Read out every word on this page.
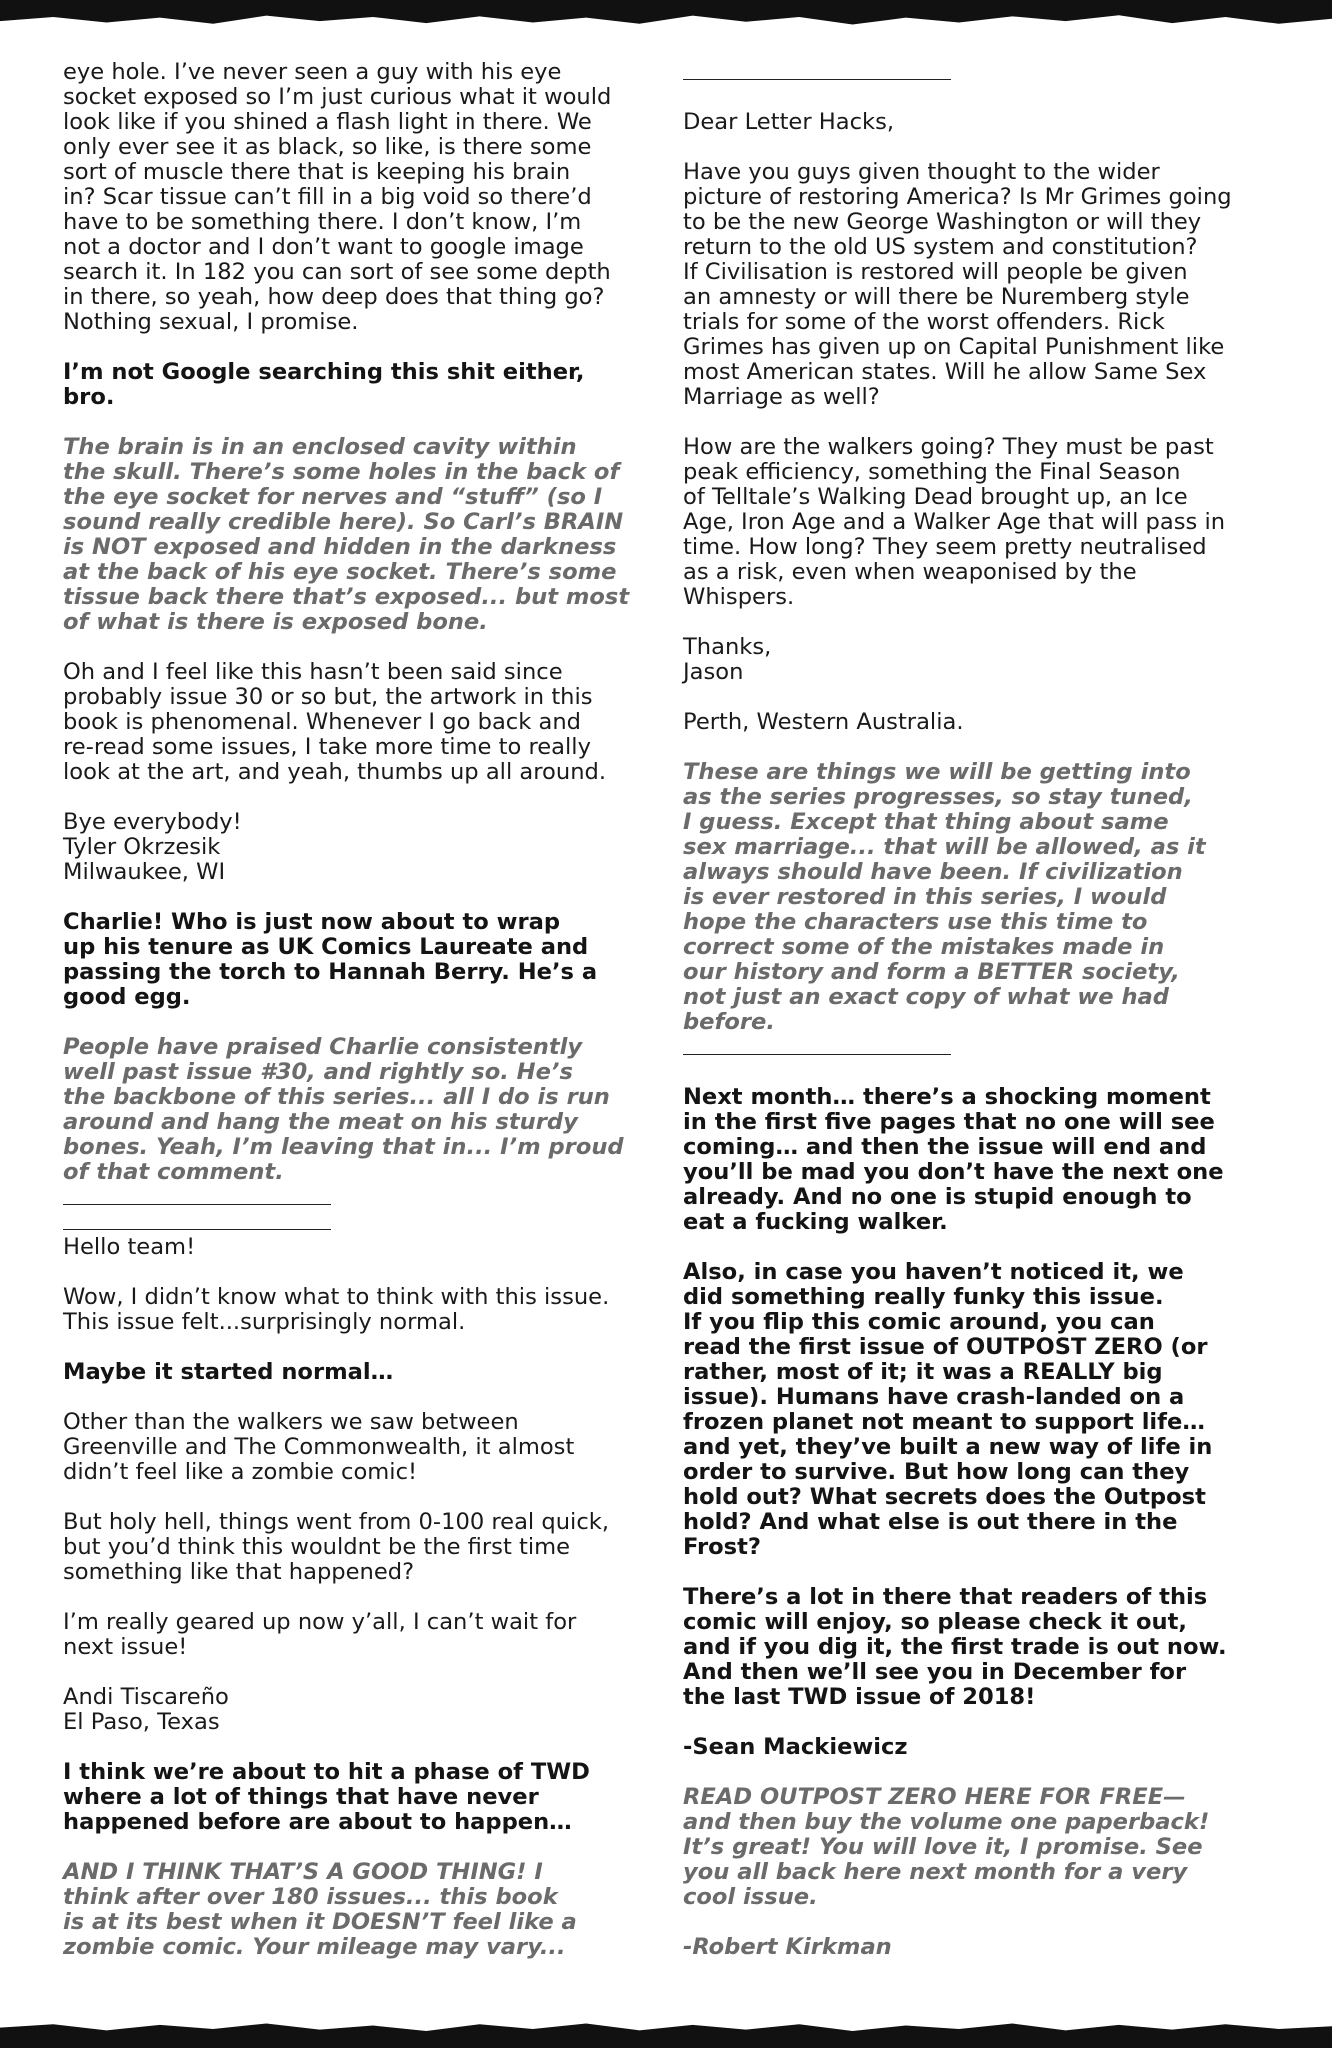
eye hole. I’ve never seen a guy with his eye
socket exposed so I’m just curious what it would
look like if you shined a flash light in there. We
only ever see it as black, so like, is there some
sort of muscle there that is keeping his brain
in? Scar tissue can’t fill in a big void so there’d
have to be something there. I don’t know, I’m
not a doctor and I don’t want to google image
search it. In 182 you can sort of see some depth
in there, so yeah, how deep does that thing go?
Nothing sexual, I promise.

I’m not Google searching this shit either,
bro.

The brain is in an enclosed cavity within
the skull. There’s some holes in the back of
the eye socket for nerves and “stuff” (so I
sound really credible here). So Carl’s BRAIN
is NOT exposed and hidden in the darkness
at the back of his eye socket. There’s some
tissue back there that’s exposed... but most
of what is there is exposed bone.

Oh and I feel like this hasn’t been said since
probably issue 30 or so but, the artwork in this
book is phenomenal. Whenever I go back and
re-read some issues, I take more time to really
look at the art, and yeah, thumbs up all around.

Bye everybody!
Tyler Okrzesik
Milwaukee, WI

Charlie! Who is just now about to wrap
up his tenure as UK Comics Laureate and
passing the torch to Hannah Berry. He’s a
good egg.

People have praised Charlie consistently
well past issue #30, and rightly so. He’s
the backbone of this series... all I do is run
around and hang the meat on his sturdy
bones. Yeah, I’m leaving that in... I’m proud
of that comment.

Hello team!

Wow, I didn’t know what to think with this issue.
This issue felt...surprisingly normal.

Maybe it started normal…

Other than the walkers we saw between
Greenville and The Commonwealth, it almost
didn’t feel like a zombie comic!

But holy hell, things went from 0-100 real quick,
but you’d think this wouldnt be the first time
something like that happened?

I’m really geared up now y’all, I can’t wait for
next issue!

Andi Tiscareño
El Paso, Texas

I think we’re about to hit a phase of TWD
where a lot of things that have never
happened before are about to happen…

AND I THINK THAT’S A GOOD THING! I
think after over 180 issues... this book
is at its best when it DOESN’T feel like a
zombie comic. Your mileage may vary...

Dear Letter Hacks,

Have you guys given thought to the wider
picture of restoring America? Is Mr Grimes going
to be the new George Washington or will they
return to the old US system and constitution?
If Civilisation is restored will people be given
an amnesty or will there be Nuremberg style
trials for some of the worst offenders. Rick
Grimes has given up on Capital Punishment like
most American states. Will he allow Same Sex
Marriage as well?

How are the walkers going? They must be past
peak efficiency, something the Final Season
of Telltale’s Walking Dead brought up, an Ice
Age, Iron Age and a Walker Age that will pass in
time. How long? They seem pretty neutralised
as a risk, even when weaponised by the
Whispers.

Thanks,
Jason

Perth, Western Australia.

These are things we will be getting into
as the series progresses, so stay tuned,
I guess. Except that thing about same
sex marriage... that will be allowed, as it
always should have been. If civilization
is ever restored in this series, I would
hope the characters use this time to
correct some of the mistakes made in
our history and form a BETTER society,
not just an exact copy of what we had
before.

Next month… there’s a shocking moment
in the first five pages that no one will see
coming… and then the issue will end and
you’ll be mad you don’t have the next one
already. And no one is stupid enough to
eat a fucking walker.

Also, in case you haven’t noticed it, we
did something really funky this issue.
If you flip this comic around, you can
read the first issue of OUTPOST ZERO (or
rather, most of it; it was a REALLY big
issue). Humans have crash-landed on a
frozen planet not meant to support life…
and yet, they’ve built a new way of life in
order to survive. But how long can they
hold out? What secrets does the Outpost
hold? And what else is out there in the
Frost?

There’s a lot in there that readers of this
comic will enjoy, so please check it out,
and if you dig it, the first trade is out now.
And then we’ll see you in December for
the last TWD issue of 2018!

-Sean Mackiewicz

READ OUTPOST ZERO HERE FOR FREE—
and then buy the volume one paperback!
It’s great! You will love it, I promise. See
you all back here next month for a very
cool issue.

-Robert Kirkman
